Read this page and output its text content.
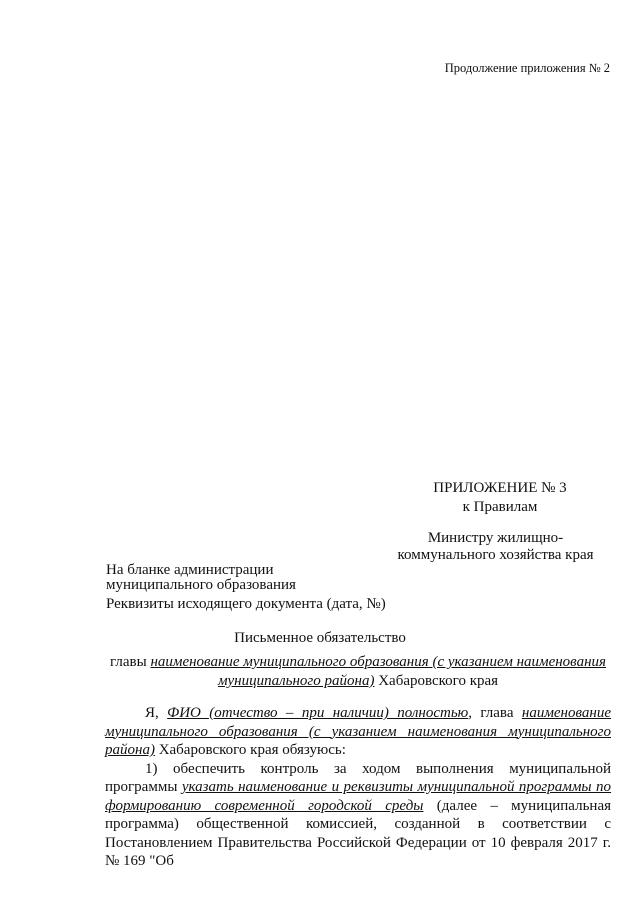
Продолжение приложения № 2
ПРИЛОЖЕНИЕ № 3
к Правилам
Министру жилищно-
коммунального хозяйства края
На бланке администрации
муниципального образования
Реквизиты исходящего документа (дата, №)
Письменное обязательство
главы наименование муниципального образования (с указанием наименования муниципального района) Хабаровского края

Я, ФИО (отчество – при наличии) полностью, глава наименование муниципального образования (с указанием наименования муниципального района) Хабаровского края обязуюсь:

1) обеспечить контроль за ходом выполнения муниципальной программы указать наименование и реквизиты муниципальной программы по формированию современной городской среды (далее – муниципальная программа) общественной комиссией, созданной в соответствии с Постановлением Правительства Российской Федерации от 10 февраля 2017 г. № 169 "Об
